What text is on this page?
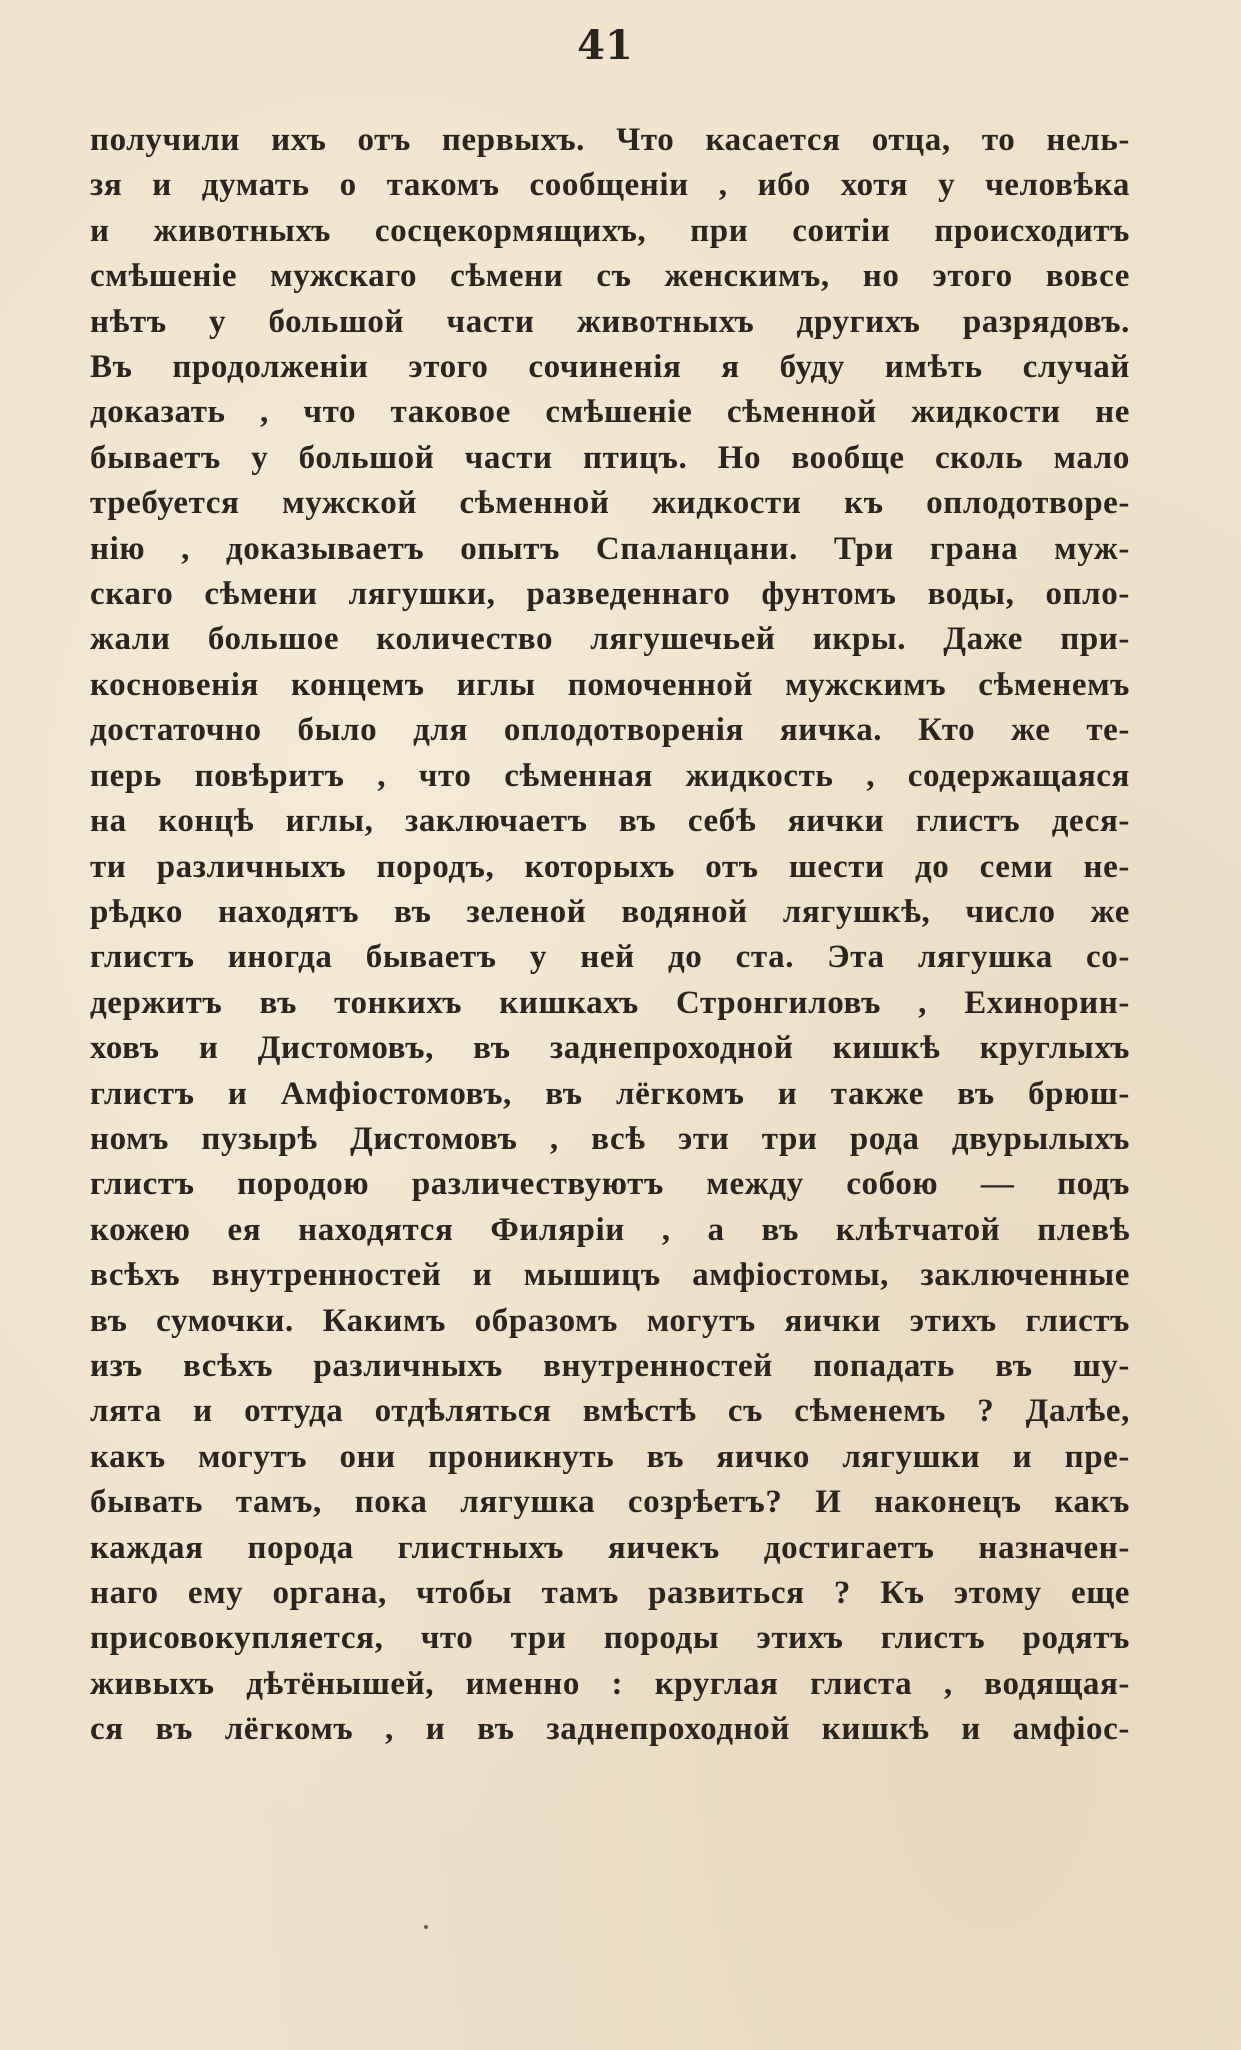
41
получили ихъ отъ первыхъ. Что касается отца, то нель-
зя и думать о такомъ сообщеніи , ибо хотя у человѣка
и животныхъ сосцекормящихъ, при соитіи происходитъ
смѣшеніе мужскаго сѣмени съ женскимъ, но этого вовсе
нѣтъ у большой части животныхъ другихъ разрядовъ.
Въ продолженіи этого сочиненія я буду имѣть случай
доказать , что таковое смѣшеніе сѣменной жидкости не
бываетъ у большой части птицъ. Но вообще сколь мало
требуется мужской сѣменной жидкости къ оплодотворе-
нію , доказываетъ опытъ Спаланцани. Три грана муж-
скаго сѣмени лягушки, разведеннаго фунтомъ воды, опло-
жали большое количество лягушечьей икры. Даже при-
косновенія концемъ иглы помоченной мужскимъ сѣменемъ
достаточно было для оплодотворенія яичка. Кто же те-
перь повѣритъ , что сѣменная жидкость , содержащаяся
на концѣ иглы, заключаетъ въ себѣ яички глистъ деся-
ти различныхъ породъ, которыхъ отъ шести до семи не-
рѣдко находятъ въ зеленой водяной лягушкѣ, число же
глистъ иногда бываетъ у ней до ста. Эта лягушка со-
держитъ въ тонкихъ кишкахъ Стронгиловъ , Ехинорин-
ховъ и Дистомовъ, въ заднепроходной кишкѣ круглыхъ
глистъ и Амфіостомовъ, въ лёгкомъ и также въ брюш-
номъ пузырѣ Дистомовъ , всѣ эти три рода двурылыхъ
глистъ породою различествуютъ между собою — подъ
кожею ея находятся Филяріи , а въ клѣтчатой плевѣ
всѣхъ внутренностей и мышицъ амфіостомы, заключенные
въ сумочки. Какимъ образомъ могутъ яички этихъ глистъ
изъ всѣхъ различныхъ внутренностей попадать въ шу-
лята и оттуда отдѣляться вмѣстѣ съ сѣменемъ ? Далѣе,
какъ могутъ они проникнуть въ яичко лягушки и пре-
бывать тамъ, пока лягушка созрѣетъ? И наконецъ какъ
каждая порода глистныхъ яичекъ достигаетъ назначен-
наго ему органа, чтобы тамъ развиться ? Къ этому еще
присовокупляется, что три породы этихъ глистъ родятъ
живыхъ дѣтёнышей, именно : круглая глиста , водящая-
ся въ лёгкомъ , и въ заднепроходной кишкѣ и амфіос-
